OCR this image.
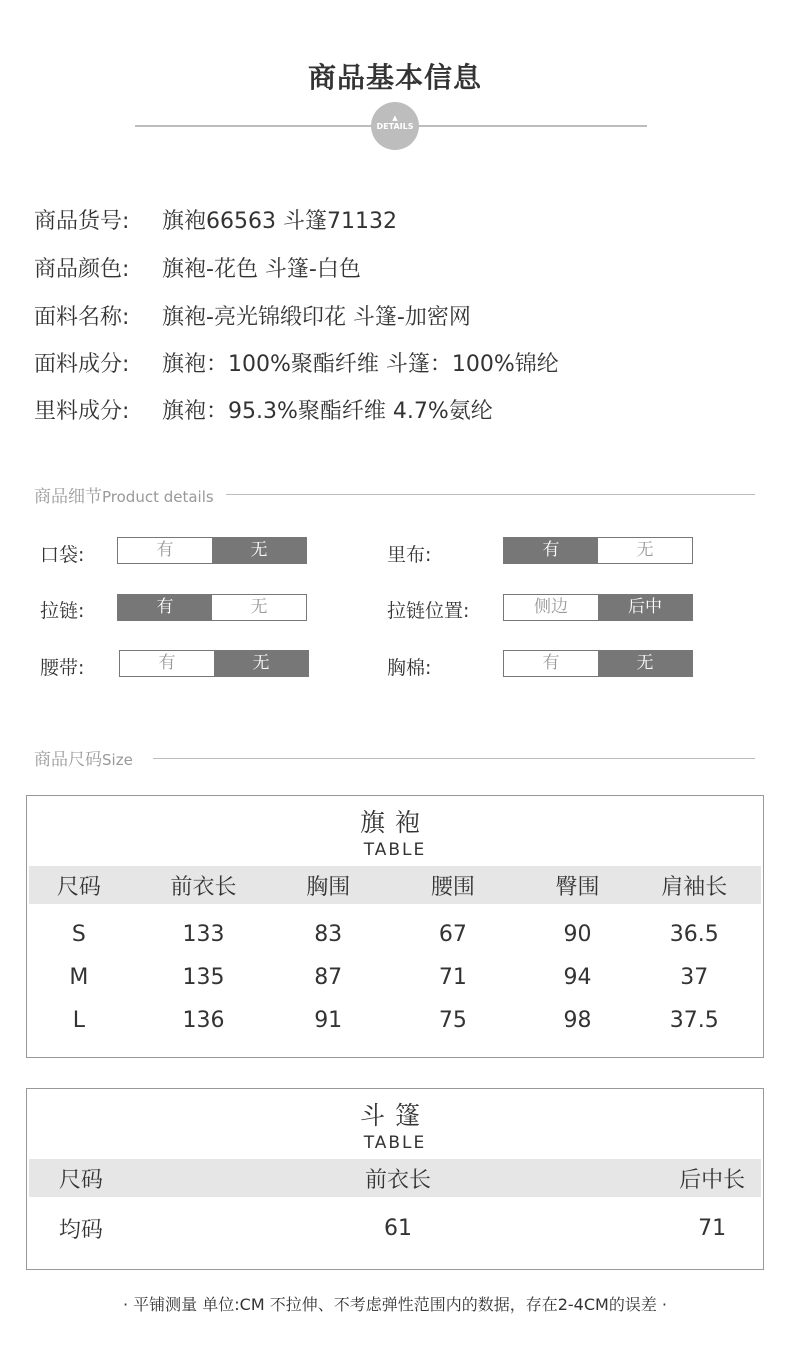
商品基本信息
▲
DETAILS
商品货号: 旗袍66563 斗篷71132
商品颜色: 旗袍-花色 斗篷-白色
面料名称: 旗袍-亮光锦缎印花 斗篷-加密网
面料成分: 旗袍：100%聚酯纤维 斗篷：100%锦纶
里料成分: 旗袍：95.3%聚酯纤维 4.7%氨纶
商品细节Product details
口袋:	有	无	里布:	有	无
拉链:	有	无	拉链位置:	侧边	后中
腰带:	有	无	胸棉:	有	无
商品尺码Size
旗袍
TABLE
尺码	前衣长	胸围	腰围	臀围	肩袖长
S	133	83	67	90	36.5
M	135	87	71	94	37
L	136	91	75	98	37.5
斗篷
TABLE
尺码	前衣长	后中长
均码	61	71
· 平铺测量 单位:CM 不拉伸、不考虑弹性范围内的数据，存在2-4CM的误差 ·
